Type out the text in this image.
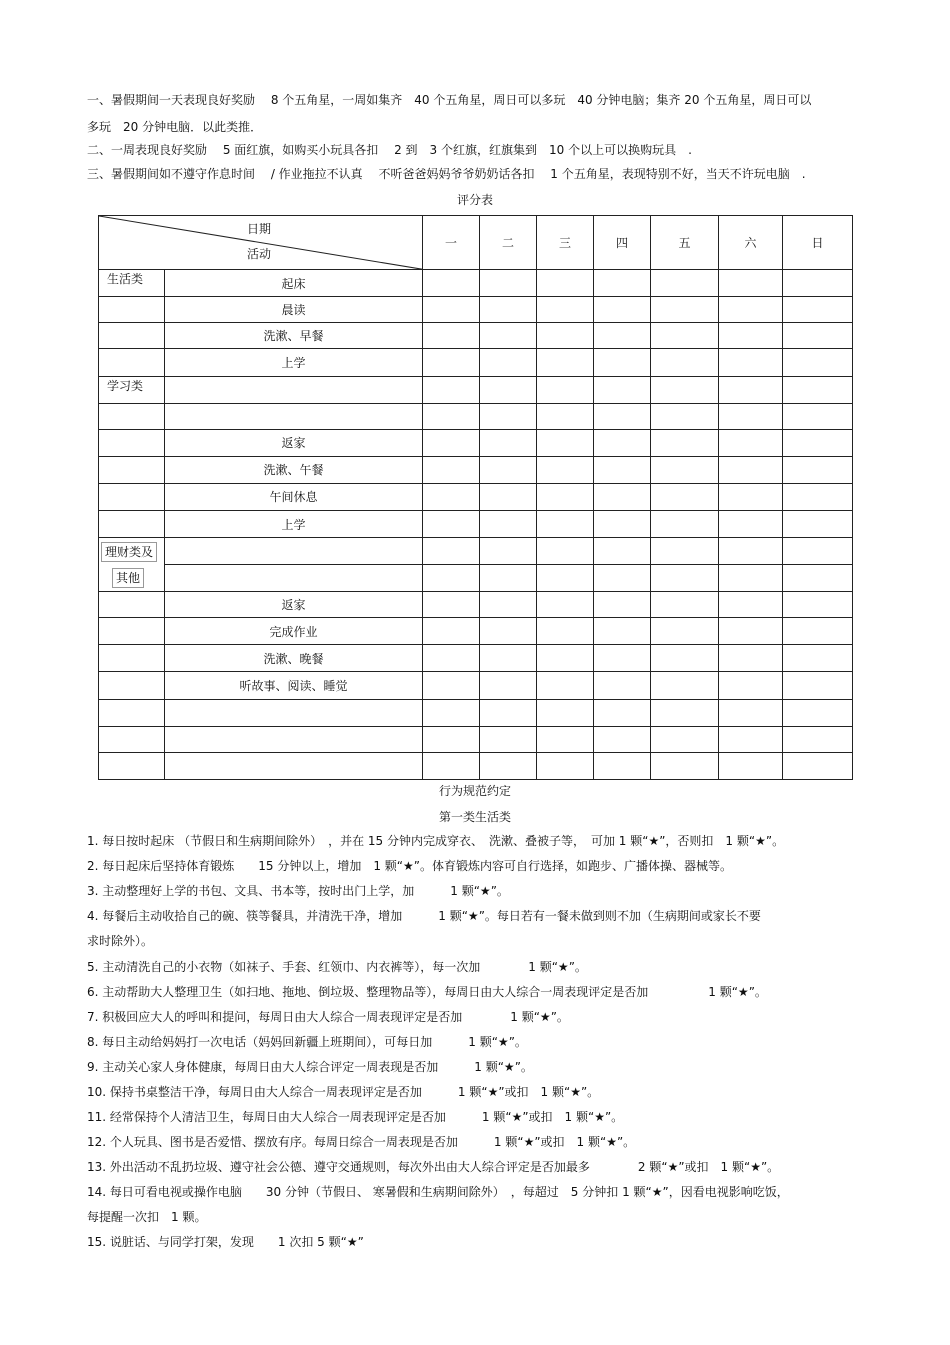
一、暑假期间一天表现良好奖励　 8 个五角星，一周如集齐　40 个五角星，周日可以多玩　40 分钟电脑；集齐 20 个五角星，周日可以
多玩　20 分钟电脑．以此类推．
二、一周表现良好奖励　 5 面红旗，如购买小玩具各扣　 2 到　3 个红旗，红旗集到　10 个以上可以换购玩具　.
三、暑假期间如不遵守作息时间　 / 作业拖拉不认真　 不听爸爸妈妈爷爷奶奶话各扣　 1 个五角星，表现特别不好，当天不许玩电脑　.
评分表
日期
活动		一	二	三	四	五	六	日
生活类	起床							
	晨读							
	洗漱、早餐							
	上学							
学习类								

	返家							
	洗漱、午餐							
	午间休息							
	上学							

理财类及
其他								

	返家							
	完成作业							
	洗漱、晚餐							
	听故事、阅读、睡觉							

行为规范约定
第一类生活类
1. 每日按时起床 （节假日和生病期间除外）　，并在 15 分钟内完成穿衣、　洗漱、叠被子等，　可加 1 颗“★”，否则扣　1 颗“★”。
2. 每日起床后坚持体育锻炼　　15 分钟以上，增加　1 颗“★”。体育锻炼内容可自行选择，如跑步、广播体操、器械等。
3. 主动整理好上学的书包、文具、书本等，按时出门上学，加　　　1 颗“★”。
4. 每餐后主动收拾自己的碗、筷等餐具，并清洗干净，增加　　　1 颗“★”。每日若有一餐未做到则不加（生病期间或家长不要
求时除外）。
5. 主动清洗自己的小衣物（如袜子、手套、红领巾、内衣裤等），每一次加　　　　1 颗“★”。
6. 主动帮助大人整理卫生（如扫地、拖地、倒垃圾、整理物品等），每周日由大人综合一周表现评定是否加　　　　　1 颗“★”。
7. 积极回应大人的呼叫和提问，每周日由大人综合一周表现评定是否加　　　　1 颗“★”。
8. 每日主动给妈妈打一次电话（妈妈回新疆上班期间），可每日加　　　1 颗“★”。
9. 主动关心家人身体健康，每周日由大人综合评定一周表现是否加　　　1 颗“★”。
10. 保持书桌整洁干净，每周日由大人综合一周表现评定是否加　　　1 颗“★”或扣　1 颗“★”。
11. 经常保持个人清洁卫生，每周日由大人综合一周表现评定是否加　　　1 颗“★”或扣　1 颗“★”。
12. 个人玩具、图书是否爱惜、摆放有序。每周日综合一周表现是否加　　　1 颗“★”或扣　1 颗“★”。
13. 外出活动不乱扔垃圾、遵守社会公德、遵守交通规则，每次外出由大人综合评定是否加最多　　　　2 颗“★”或扣　1 颗“★”。
14. 每日可看电视或操作电脑　　30 分钟（节假日、 寒暑假和生病期间除外）　，每超过　5 分钟扣 1 颗“★”，因看电视影响吃饭，
每提醒一次扣　1 颗。
15. 说脏话、与同学打架，发现　　1 次扣 5 颗“★”
